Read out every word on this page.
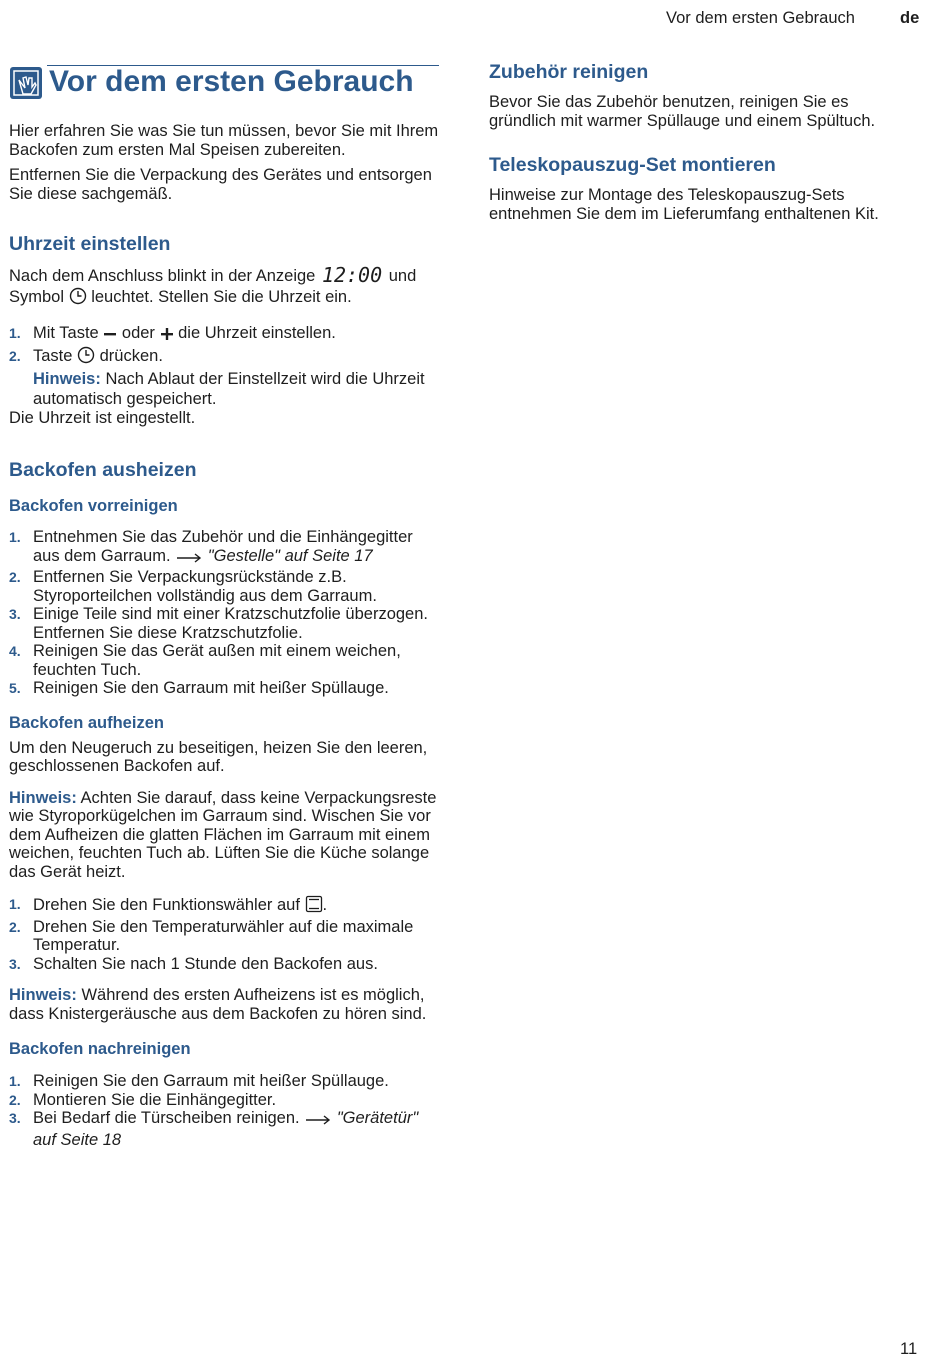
Vor dem ersten Gebrauch	de
Vor dem ersten Gebrauch

Hier erfahren Sie was Sie tun müssen, bevor Sie mit Ihrem Backofen zum ersten Mal Speisen zubereiten.

Entfernen Sie die Verpackung des Gerätes und entsorgen Sie diese sachgemäß.

Uhrzeit einstellen

Nach dem Anschluss blinkt in der Anzeige 12:00 und
Symbol leuchtet. Stellen Sie die Uhrzeit ein.

1. Mit Taste oder die Uhrzeit einstellen.
2. Taste drücken.
Hinweis: Nach Ablaut der Einstellzeit wird die Uhrzeit automatisch gespeichert.

Die Uhrzeit ist eingestellt.

Backofen ausheizen
Backofen vorreinigen
1. Entnehmen Sie das Zubehör und die Einhängegitter aus dem Garraum. "Gestelle" auf Seite 17
2. Entfernen Sie Verpackungsrückstände z.B. Styroporteilchen vollständig aus dem Garraum.
3. Einige Teile sind mit einer Kratzschutzfolie überzogen. Entfernen Sie diese Kratzschutzfolie.
4. Reinigen Sie das Gerät außen mit einem weichen, feuchten Tuch.
5. Reinigen Sie den Garraum mit heißer Spüllauge.
Backofen aufheizen

Um den Neugeruch zu beseitigen, heizen Sie den leeren, geschlossenen Backofen auf.

Hinweis: Achten Sie darauf, dass keine Verpackungsreste wie Styroporkügelchen im Garraum sind. Wischen Sie vor dem Aufheizen die glatten Flächen im Garraum mit einem weichen, feuchten Tuch ab. Lüften Sie die Küche solange das Gerät heizt.

1. Drehen Sie den Funktionswähler auf .
2. Drehen Sie den Temperaturwähler auf die maximale Temperatur.
3. Schalten Sie nach 1 Stunde den Backofen aus.

Hinweis: Während des ersten Aufheizens ist es möglich, dass Knistergeräusche aus dem Backofen zu hören sind.

Backofen nachreinigen
1. Reinigen Sie den Garraum mit heißer Spüllauge.
2. Montieren Sie die Einhängegitter.
3. Bei Bedarf die Türscheiben reinigen. "Gerätetür" auf Seite 18
Zubehör reinigen

Bevor Sie das Zubehör benutzen, reinigen Sie es gründlich mit warmer Spüllauge und einem Spültuch.

Teleskopauszug-Set montieren

Hinweise zur Montage des Teleskopauszug-Sets entnehmen Sie dem im Lieferumfang enthaltenen Kit.

11
